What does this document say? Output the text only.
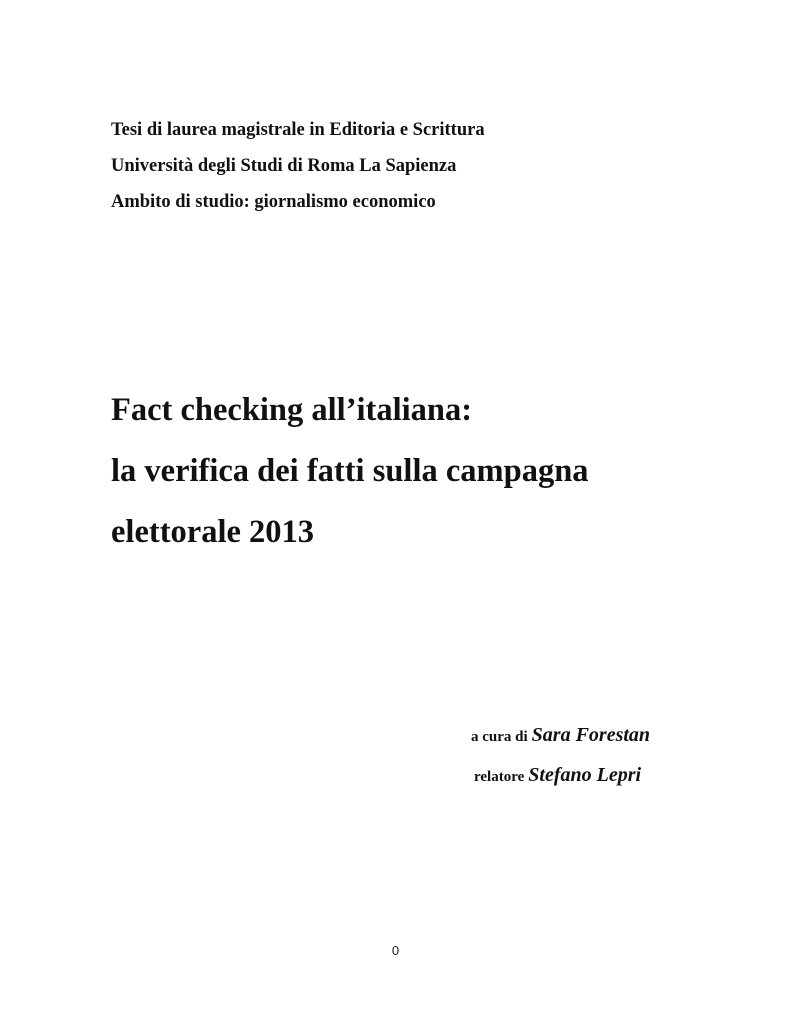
Tesi di laurea magistrale in Editoria e Scrittura
Università degli Studi di Roma La Sapienza
Ambito di studio: giornalismo economico
Fact checking all’italiana:
la verifica dei fatti sulla campagna
elettorale 2013
a cura di Sara Forestan
relatore Stefano Lepri
0
